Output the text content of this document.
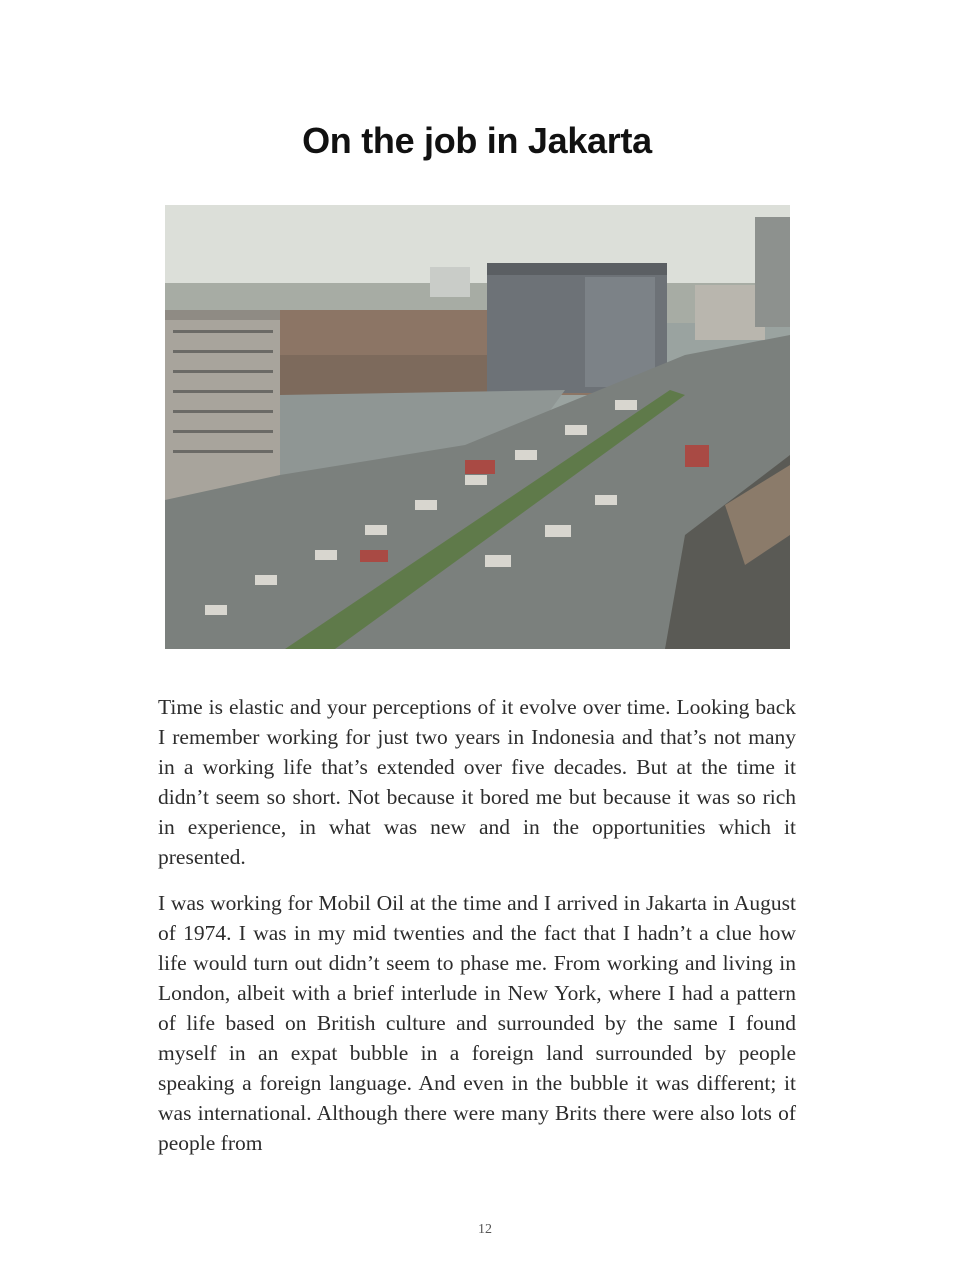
On the job in Jakarta

Time is elastic and your perceptions of it evolve over time. Looking back I remember working for just two years in Indonesia and that’s not many in a working life that’s extended over five decades. But at the time it didn’t seem so short. Not because it bored me but because it was so rich in experience, in what was new and in the opportunities which it presented.

I was working for Mobil Oil at the time and I arrived in Jakarta in August of 1974. I was in my mid twenties and the fact that I hadn’t a clue how life would turn out didn’t seem to phase me. From working and living in London, albeit with a brief interlude in New York, where I had a pattern of life based on British culture and surrounded by the same I found myself in an expat bubble in a foreign land surrounded by people speaking a foreign language. And even in the bubble it was different; it was international. Although there were many Brits there were also lots of people from

12
